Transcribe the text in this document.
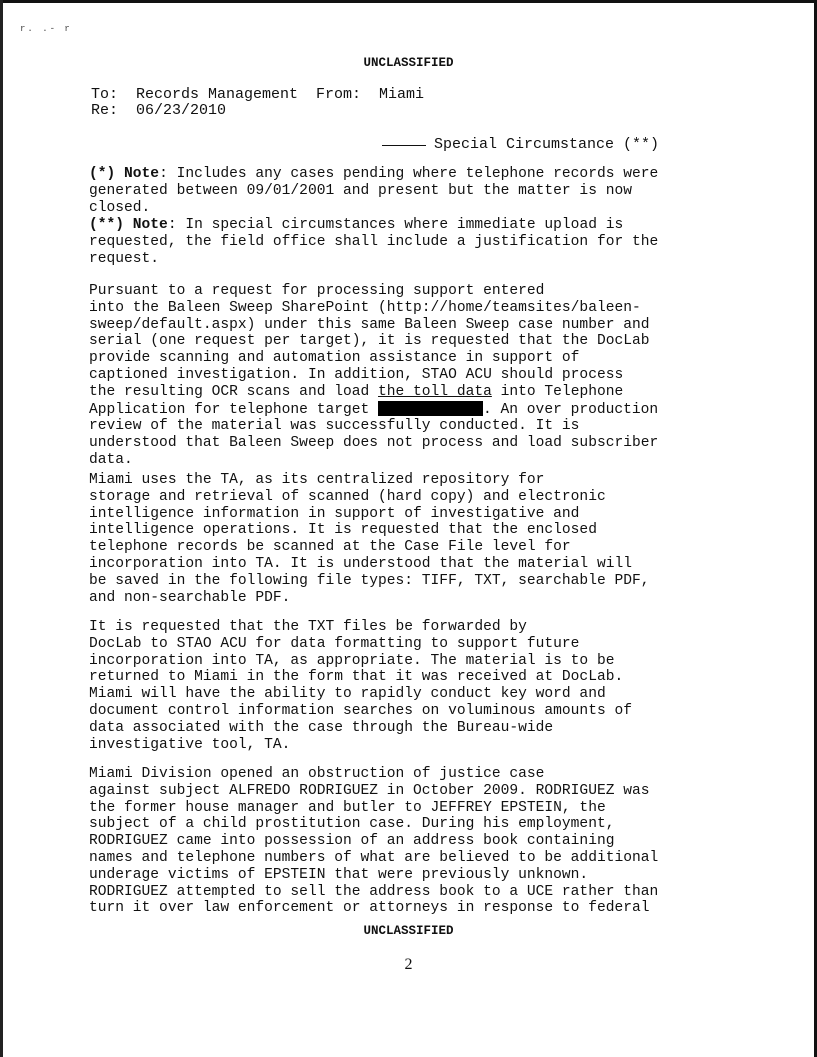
r. .- r
UNCLASSIFIED
To:  Records Management  From:  Miami
Re:  06/23/2010
Special Circumstance (**)

(*) Note: Includes any cases pending where telephone records were
generated between 09/01/2001 and present but the matter is now
closed.

(**) Note: In special circumstances where immediate upload is
requested, the field office shall include a justification for the
request.

Pursuant to a request for processing support entered
into the Baleen Sweep SharePoint (http://home/teamsites/baleen-
sweep/default.aspx) under this same Baleen Sweep case number and
serial (one request per target), it is requested that the DocLab
provide scanning and automation assistance in support of
captioned investigation. In addition, STAO ACU should process
the resulting OCR scans and load the toll data into Telephone
Application for telephone target	. An over production
review of the material was successfully conducted. It is
understood that Baleen Sweep does not process and load subscriber
data.

Miami uses the TA, as its centralized repository for
storage and retrieval of scanned (hard copy) and electronic
intelligence information in support of investigative and
intelligence operations. It is requested that the enclosed
telephone records be scanned at the Case File level for
incorporation into TA. It is understood that the material will
be saved in the following file types: TIFF, TXT, searchable PDF,
and non-searchable PDF.

It is requested that the TXT files be forwarded by
DocLab to STAO ACU for data formatting to support future
incorporation into TA, as appropriate. The material is to be
returned to Miami in the form that it was received at DocLab.
Miami will have the ability to rapidly conduct key word and
document control information searches on voluminous amounts of
data associated with the case through the Bureau-wide
investigative tool, TA.

Miami Division opened an obstruction of justice case
against subject ALFREDO RODRIGUEZ in October 2009. RODRIGUEZ was
the former house manager and butler to JEFFREY EPSTEIN, the
subject of a child prostitution case. During his employment,
RODRIGUEZ came into possession of an address book containing
names and telephone numbers of what are believed to be additional
underage victims of EPSTEIN that were previously unknown.
RODRIGUEZ attempted to sell the address book to a UCE rather than
turn it over law enforcement or attorneys in response to federal

UNCLASSIFIED
2
